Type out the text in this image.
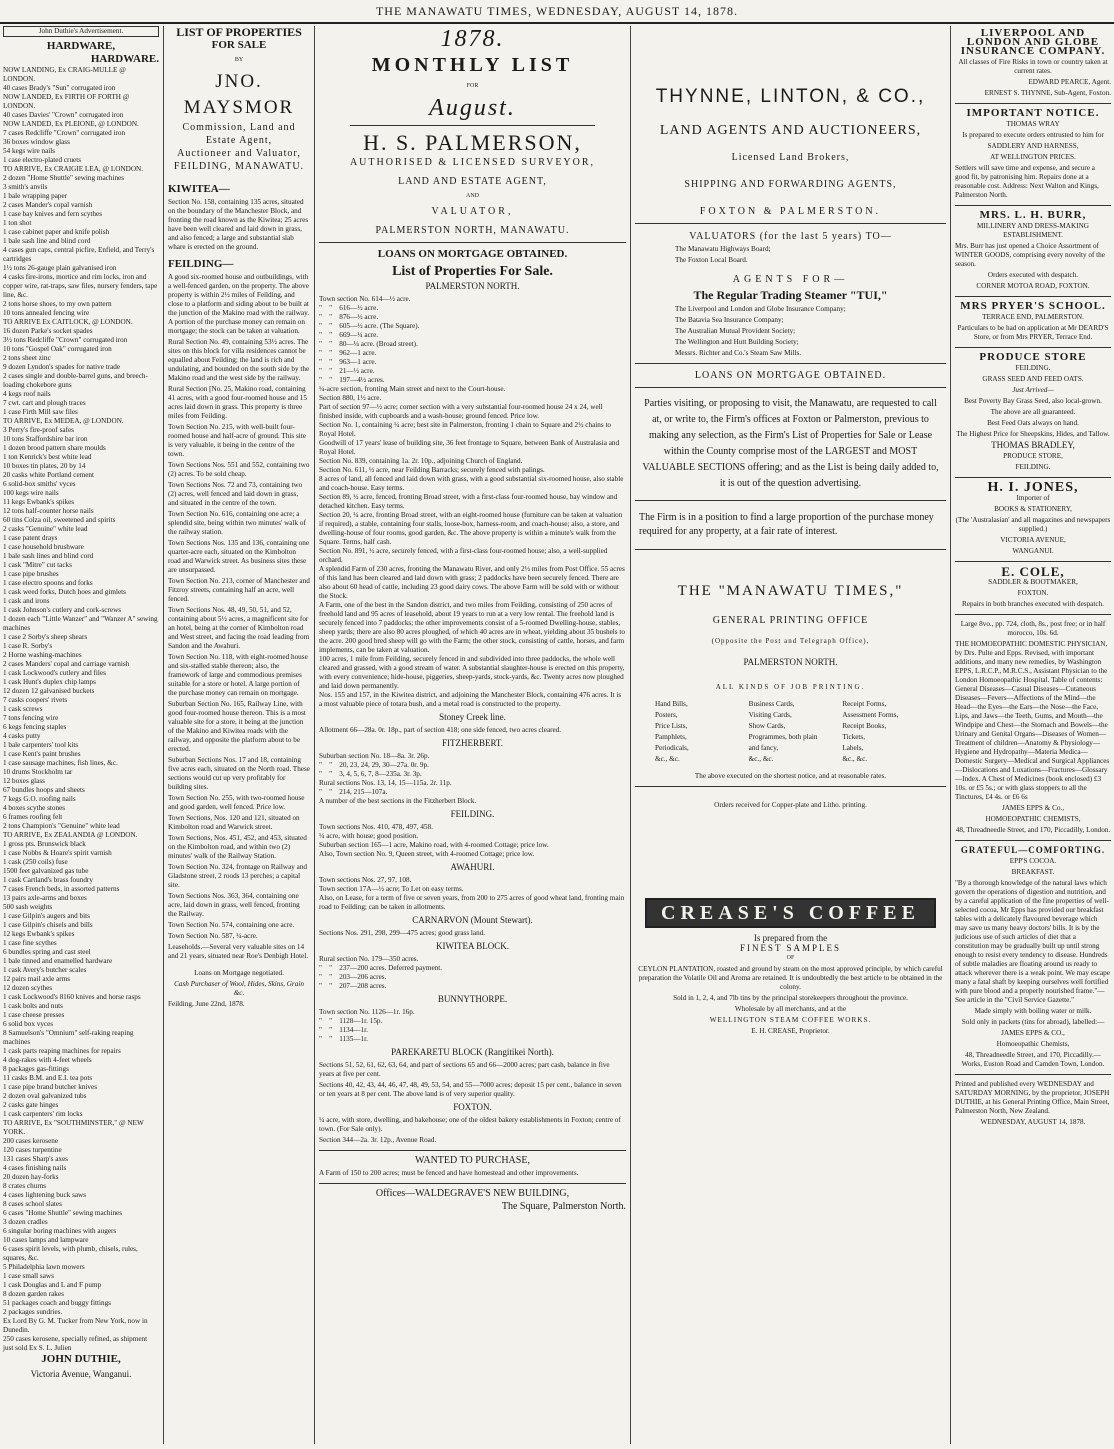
THE MANAWATU TIMES, WEDNESDAY, AUGUST 14, 1878.
John Duthie's Advertisement.
HARDWARE,
HARDWARE.
NOW LANDING, Ex CRAIG-MULLE @ LONDON.
40 cases Brady's "Sun" corrugated iron
NOW LANDED, Ex FIRTH OF FORTH @ LONDON.
40 cases Davies' "Crown" corrugated iron
NOW LANDED, Ex PLEIONE, @ LONDON.
7 cases Redcliffe "Crown" corrugated iron
36 boxes window glass
54 kegs wire nails
1 case electro-plated cruets
TO ARRIVE, Ex CRAIGIE LEA, @ LONDON.
2 dozen "Home Shuttle" sewing machines
3 smith's anvils
1 bale wrapping paper
2 cases Mander's copal varnish
1 case bay knives and fern scythes
1 ton shot
1 case cabinet paper and knife polish
1 bale sash line and blind cord
4 cases gun caps, central picfire, Enfield, and Terry's cartridges
1½ tons 26-gauge plain galvanised iron
4 casks fire-irons, mortice and rim locks, iron and copper wire, rat-traps, saw files, nursery fenders, tape line, &c.
2 tons horse shoes, to my own pattern
10 tons annealed fencing wire
TO ARRIVE Ex CAITLOCK, @ LONDON.
16 dozen Parke's socket spades
3½ tons Redcliffe "Crown" corrugated iron
10 tons "Gospel Oak" corrugated iron
2 tons sheet zinc
9 dozen Lyndon's spades for native trade
2 cases single and double-barrel guns, and breech-loading chokebore guns
4 kegs roof nails
7 cwt. cart and plough traces
1 case Firth Mill saw files
TO ARRIVE, Ex MEDEA, @ LONDON.
3 Perry's fire-proof safes
10 tons Staffordshire bar iron
1 dozen brood pattern share moulds
1 ton Kenrick's best white lead
10 boxes tin plates, 20 by 14
20 casks white Portland cement
6 solid-box smiths' vyces
100 kegs wire nails
11 kegs Ewbank's spikes
12 tons half-counter horse nails
60 tins Colza oil, sweetened and spirits
2 casks "Genuine" white lead
1 case patent drays
1 case household brushware
1 bale sash lines and blind cord
1 cask "Mitre" cut tacks
1 case pipe brushes
1 case electro spoons and forks
1 cask weed forks, Dutch hoes and gimlets
1 cask and irons
1 cask Johnson's cutlery and cork-screws
1 dozen each "Little Wanzer" and "Wanzer A" sewing machines
1 case 2 Sorby's sheep shears
1 case R. Sorby's
2 Horne washing-machines
2 cases Manders' copal and carriage varnish
1 cask Lockwood's cutlery and files
1 cask Hunt's duplex chip lamps
12 dozen 12 galvanised buckets
7 casks coopers' rivets
1 cask screws
7 tons fencing wire
6 kegs fencing staples
4 casks putty
1 bale carpenters' tool kits
1 case Kent's paint brushes
1 case sausage machines, fish lines, &c.
10 drums Stockholm tar
12 boxes glass
67 bundles hoops and sheets
7 kegs G.O. roofing nails
4 boxes scythe stones
6 frames roofing felt
2 tons Champion's "Genuine" white lead
TO ARRIVE, Ex ZEALANDIA @ LONDON.
1 gross pts. Brunswick black
1 case Nobbs & Hoare's spirit varnish
1 cask (250 coils) fuse
1500 feet galvanized gas tube
1 cask Cartland's brass foundry
7 cases French beds, in assorted patterns
13 pairs axle-arms and boxes
500 sash weights
1 case Gilpin's augers and bits
1 case Gilpin's chisels and bills
12 kegs Ewbank's spikes
1 case fine scythes
6 bundles spring and cast steel
1 bale tinned and enamelled hardware
1 cask Avery's butcher scales
12 pairs mail axle arms
12 dozen scythes
1 cask Lockwood's 8160 knives and horse rasps
1 cask bolts and nuts
1 case cheese presses
6 solid box vyces
8 Samuelson's "Omnium" self-raking reaping machines
1 cask parts reaping machines for repairs
4 dog-rakes with 4-feet wheels
8 packages gas-fittings
11 casks B.M. and E.I. tea pots
1 case pipe brand butcher knives
2 dozen oval galvanized tubs
2 casks gate hinges
1 cask carpenters' rim locks
TO ARRIVE, Ex "SOUTHMINSTER," @ NEW YORK.
200 cases kerosene
120 cases turpentine
131 cases Sharp's axes
4 cases finishing nails
20 dozen hay-forks
8 crates churns
4 cases lightening buck saws
8 cases school slates
6 cases "Home Shuttle" sewing machines
3 dozen cradles
6 singular boring machines with augers
10 cases lamps and lampware
6 cases spirit levels, with plumb, chisels, rules, squares, &c.
5 Philadelphia lawn mowers
1 case small saws
1 cask Douglas and L and F pump
8 dozen garden rakes
51 packages coach and buggy fittings
2 packages sundries.
Ex Lord By G. M. Tucker from New York, now in Dunedin.
250 cases kerosene, specially refined, as shipment just sold Ex S. L. Julien
JOHN DUTHIE,
Victoria Avenue, Wanganui.
LIST OF PROPERTIES
FOR SALE
BY
JNO. MAYSMOR
Commission, Land and
Estate Agent,
Auctioneer and Valuator,
FEILDING, MANAWATU.
KIWITEA—

Section No. 158, containing 135 acres, situated on the boundary of the Manchester Block, and fronting the road known as the Kiwitea; 25 acres have been well cleared and laid down in grass, and also fenced; a large and substantial slab whare is erected on the ground.

FEILDING—

A good six-roomed house and outbuildings, with a well-fenced garden, on the property. The above property is within 2½ miles of Feilding, and close to a platform and siding about to be built at the junction of the Makino road with the railway. A portion of the purchase money can remain on mortgage; the stock can be taken at valuation.

Rural Section No. 49, containing 53½ acres. The sites on this block for villa residences cannot be equalled about Feilding; the land is rich and undulating, and bounded on the south side by the Makino road and the west side by the railway.

Rural Section [No. 25, Makino road, containing 41 acres, with a good four-roomed house and 15 acres laid down in grass. This property is three miles from Feilding.

Town Section No. 215, with well-built four-roomed house and half-acre of ground. This site is very valuable, it being in the centre of the town.

Town Sections Nos. 551 and 552, containing two (2) acres. To be sold cheap.

Town Sections Nos. 72 and 73, containing two (2) acres, well fenced and laid down in grass, and situated in the centre of the town.

Town Section No. 616, containing one acre; a splendid site, being within two minutes' walk of the railway station.

Town Sections Nos. 135 and 136, containing one quarter-acre each, situated on the Kimbolton road and Warwick street. As business sites these are unsurpassed.

Town Section No. 213, corner of Manchester and Fitzroy streets, containing half an acre, well fenced.

Town Sections Nos. 48, 49, 50, 51, and 52, containing about 5½ acres, a magnificent site for an hotel, being at the corner of Kimbolton road and West street, and facing the road leading from Sandon and the Awahuri.

Town Section No. 118, with eight-roomed house and six-stalled stable thereon; also, the framework of large and commodious premises suitable for a store or hotel. A large portion of the purchase money can remain on mortgage.

Suburban Section No. 165, Railway Line, with good four-roomed house thereon. This is a most valuable site for a store, it being at the junction of the Makino and Kiwitea roads with the railway, and opposite the platform about to be erected.

Suburban Sections Nos. 17 and 18, containing five acres each, situated on the North road. These sections would cut up very profitably for building sites.

Town Section No. 255, with two-roomed house and good garden, well fenced. Price low.

Town Sections, Nos. 120 and 121, situated on Kimbolton road and Warwick street.

Town Sections, Nos. 451, 452, and 453, situated on the Kimbolton road, and within two (2) minutes' walk of the Railway Station.

Town Section No. 324, frontage on Railway and Gladstone street, 2 roods 13 perches; a capital site.

Town Sections Nos. 363, 364, containing one acre, laid down in grass, well fenced, fronting the Railway.

Town Section No. 574, containing one acre.

Town Section No. 587, ¼-acre.

Leaseholds.—Several very valuable sites on 14 and 21 years, situated near Roe's Denbigh Hotel.

Loans on Mortgage negotiated.

Cash Purchaser of Wool, Hides, Skins, Grain &c.

Feilding, June 22nd, 1878.

1878.
MONTHLY LIST
FOR
August.
H. S. PALMERSON,
AUTHORISED & LICENSED SURVEYOR,
LAND AND ESTATE AGENT,
AND
VALUATOR,
PALMERSTON NORTH, MANAWATU.
LOANS ON MORTGAGE OBTAINED.
List of Properties For Sale.
PALMERSTON NORTH.
Town section No. 614—½ acre.
"    "    616—½ acre.
"    "    876—½ acre.
"    "    605—½ acre. (The Square).
"    "    669—¼ acre.
"    "    80—¼ acre. (Broad street).
"    "    962—1 acre.
"    "    963—1 acre.
"    "    21—½ acre.
"    "    197—4½ acres.
¼-acre section, fronting Main street and next to the Court-house.
Section 880, 1½ acre.
Part of section 97—½ acre; corner section with a very substantial four-roomed house 24 x 24, well finished inside, with cupboards and a wash-house; ground fenced. Price low.
Section No. 1, containing ¼ acre; best site in Palmerston, fronting 1 chain to Square and 2½ chains to Royal Hotel.
Goodwill of 17 years' lease of building site, 36 feet frontage to Square, between Bank of Australasia and Royal Hotel.
Section No. 839, containing 1a. 2r. 10p., adjoining Church of England.
Section No. 611, ½ acre, near Feilding Barracks; securely fenced with palings.
8 acres of land, all fenced and laid down with grass, with a good substantial six-roomed house, also stable and coach-house. Easy terms.
Section 89, ½ acre, fenced, fronting Broad street, with a first-class four-roomed house, bay window and detached kitchen. Easy terms.
Section 20, ¼ acre, fronting Broad street, with an eight-roomed house (furniture can be taken at valuation if required), a stable, containing four stalls, loose-box, harness-room, and coach-house; also, a store, and dwelling-house of four rooms, good garden, &c. The above property is within a minute's walk from the Square. Terms, half cash.
Section No. 891, ½ acre, securely fenced, with a first-class four-roomed house; also, a well-supplied orchard.
A splendid Farm of 230 acres, fronting the Manawatu River, and only 2½ miles from Post Office. 55 acres of this land has been cleared and laid down with grass; 2 paddocks have been securely fenced. There are also about 60 head of cattle, including 23 good dairy cows. The above Farm will be sold with or without the Stock.
A Farm, one of the best in the Sandon district, and two miles from Feilding, consisting of 250 acres of freehold land and 95 acres of leasehold, about 19 years to run at a very low rental. The freehold land is securely fenced into 7 paddocks; the other improvements consist of a 5-roomed Dwelling-house, stables, sheep yards; there are also 80 acres ploughed, of which 40 acres are in wheat, yielding about 35 bushels to the acre. 200 good bred sheep will go with the Farm; the other stock, consisting of cattle, horses, and farm implements, can be taken at valuation.
100 acres, 1 mile from Feilding, securely fenced in and subdivided into three paddocks, the whole well cleared and grassed, with a good stream of water. A substantial slaughter-house is erected on this property, with every convenience; hide-house, piggeries, sheep-yards, stock-yards, &c. Twenty acres now ploughed and laid down permanently.
Nos. 155 and 157, in the Kiwitea district, and adjoining the Manchester Block, containing 476 acres. It is a most valuable piece of totara bush, and a metal road is constructed to the property.
Stoney Creek line.

Allotment 66—28a. 0r. 18p., part of section 418; one side fenced, two acres cleared.

FITZHERBERT.
Suburban section No. 18—8a. 3r. 26p.
"    "    20, 23, 24, 29, 30—27a. 0r. 9p.
"    "    3, 4, 5, 6, 7, 8—235a. 3r. 3p.
Rural sections Nos. 13, 14, 15—115a. 2r. 11p.
"    "    214, 215—107a.
A number of the best sections in the Fitzherbert Block.
FEILDING.
Town sections Nos. 410, 478, 497, 458.
¼ acre, with house; good position.
Suburban section 165—1 acre, Makino road, with 4-roomed Cottage; price low.
Also, Town section No. 9, Queen street, with 4-roomed Cottage; price low.
AWAHURI.
Town sections Nos. 27, 97, 108.
Town section 17A—½ acre; To Let on easy terms.
Also, on Lease, for a term of five or seven years, from 200 to 275 acres of good wheat land, fronting main road to Feilding; can be taken in allotments.
CARNARVON (Mount Stewart).

Sections Nos. 291, 298, 299—475 acres; good grass land.

KIWITEA BLOCK.
Rural section No. 179—350 acres.
"    "    237—200 acres. Deferred payment.
"    "    203—206 acres.
"    "    207—208 acres.
BUNNYTHORPE.
Town section No. 1126—1r. 16p.
"    "    1128—1r. 15p.
"    "    1134—1r.
"    "    1135—1r.
PAREKARETU BLOCK (Rangitikei North).

Sections 51, 52, 61, 62, 63, 64, and part of sections 65 and 66—2000 acres; part cash, balance in five years at five per cent.

Sections 40, 42, 43, 44, 46, 47, 48, 49, 53, 54, and 55—7000 acres; deposit 15 per cent., balance in seven or ten years at 8 per cent. The above land is of very superior quality.

FOXTON.

¼ acre, with store, dwelling, and bakehouse; one of the oldest bakery establishments in Foxton; centre of town. (For Sale only).

Section 344—2a. 3r. 12p., Avenue Road.

WANTED TO PURCHASE,

A Farm of 150 to 200 acres; must be fenced and have homestead and other improvements.

Offices—WALDEGRAVE'S NEW BUILDING,
The Square, Palmerston North.
THYNNE, LINTON, & CO.,
LAND AGENTS AND AUCTIONEERS,
Licensed Land Brokers,
SHIPPING AND FORWARDING AGENTS,
FOXTON & PALMERSTON.
VALUATORS (for the last 5 years) TO—

The Manawatu Highways Board;

The Foxton Local Board.

AGENTS FOR—
The Regular Trading Steamer "TUI,"

The Liverpool and London and Globe Insurance Company;

The Batavia Sea Insurance Company;

The Australian Mutual Provident Society;

The Wellington and Hutt Building Society;

Messrs. Richter and Co.'s Steam Saw Mills.

LOANS ON MORTGAGE OBTAINED.

Parties visiting, or proposing to visit, the Manawatu, are requested to call at, or write to, the Firm's offices at Foxton or Palmerston, previous to making any selection, as the Firm's List of Properties for Sale or Lease within the County comprise most of the LARGEST and MOST VALUABLE SECTIONS offering; and as the List is being daily added to, it is out of the question advertising.

The Firm is in a position to find a large proportion of the purchase money required for any property, at a fair rate of interest.

THE "MANAWATU TIMES,"
GENERAL PRINTING OFFICE
(Opposite the Post and Telegraph Office),
PALMERSTON NORTH.
ALL KINDS OF JOB PRINTING.
Hand Bills,	Business Cards,	Receipt Forms,
Posters,	Visiting Cards,	Assessment Forms,
Price Lists,	Show Cards,	Receipt Books,
Pamphlets,	Programmes, both plain	Tickets,
Periodicals,	and fancy,	Labels,
&c., &c.	&c., &c.	&c., &c.

The above executed on the shortest notice, and at reasonable rates.

Orders received for Copper-plate and Litho. printing.

CREASE'S COFFEE
Is prepared from the
FINEST SAMPLES
OF

CEYLON PLANTATION, roasted and ground by steam on the most approved principle, by which careful preparation the Volatile Oil and Aroma are retained. It is undoubtedly the best article to be obtained in the colony.

Sold in 1, 2, 4, and 7lb tins by the principal storekeepers throughout the province.

Wholesale by all merchants, and at the

WELLINGTON STEAM COFFEE WORKS.

E. H. CREASE, Proprietor.

LIVERPOOL AND LONDON AND GLOBE INSURANCE COMPANY.

All classes of Fire Risks in town or country taken at current rates.

EDWARD PEARCE, Agent.

ERNEST S. THYNNE, Sub-Agent, Foxton.

IMPORTANT NOTICE.

THOMAS WRAY

Is prepared to execute orders entrusted to him for

SADDLERY AND HARNESS,

AT WELLINGTON PRICES.

Settlers will save time and expense, and secure a good fit, by patronising him. Repairs done at a reasonable cost. Address: Next Walton and Kings, Palmerston North.

MRS. L. H. BURR,

MILLINERY AND DRESS-MAKING ESTABLISHMENT.

Mrs. Burr has just opened a Choice Assortment of WINTER GOODS, comprising every novelty of the season.

Orders executed with despatch.

CORNER MOTOA ROAD, FOXTON.

MRS PRYER'S SCHOOL.

TERRACE END, PALMERSTON.

Particulars to be had on application at Mr DEARD'S Store, or from Mrs PRYER, Terrace End.

PRODUCE STORE

FEILDING.

GRASS SEED AND FEED OATS.

Just Arrived—

Best Poverty Bay Grass Seed, also local-grown.

The above are all guaranteed.

Best Feed Oats always on hand.

The Highest Price for Sheepskins, Hides, and Tallow.

THOMAS BRADLEY,

PRODUCE STORE,

FEILDING.

H. I. JONES,

Importer of

BOOKS & STATIONERY,

(The 'Australasian' and all magazines and newspapers supplied.)

VICTORIA AVENUE,

WANGANUI.

E. COLE,

SADDLER & BOOTMAKER,

FOXTON.

Repairs in both branches executed with despatch.

Large 8vo., pp. 724, cloth, 8s., post free; or in half morocco, 10s. 6d.

THE HOMOEOPATHIC DOMESTIC PHYSICIAN, by Drs. Pulte and Epps. Revised, with important additions, and many new remedies, by Washington EPPS, L.R.C.P., M.R.C.S., Assistant Physician to the London Homoeopathic Hospital. Table of contents: General Diseases—Casual Diseases—Cutaneous Diseases—Fevers—Affections of the Mind—the Head—the Eyes—the Ears—the Nose—the Face, Lips, and Jaws—the Teeth, Gums, and Mouth—the Windpipe and Chest—the Stomach and Bowels—the Urinary and Genital Organs—Diseases of Women—Treatment of children—Anatomy & Physiology—Hygiene and Hydropathy—Materia Medica—Domestic Surgery—Medical and Surgical Appliances—Dislocations and Luxations—Fractures—Glossary—Index. A Chest of Medicines (book enclosed) £3 10s. or £5 5s.; or with glass stoppers to all the Tinctures, £4 4s. or £6 6s

JAMES EPPS & Co.,

HOMOEOPATHIC CHEMISTS,

48, Threadneedle Street, and 170, Piccadilly, London.

GRATEFUL—COMFORTING.

EPP'S COCOA.

BREAKFAST.

"By a thorough knowledge of the natural laws which govern the operations of digestion and nutrition, and by a careful application of the fine properties of well-selected cocoa, Mr Epps has provided our breakfast tables with a delicately flavoured beverage which may save us many heavy doctors' bills. It is by the judicious use of such articles of diet that a constitution may be gradually built up until strong enough to resist every tendency to disease. Hundreds of subtle maladies are floating around us ready to attack wherever there is a weak point. We may escape many a fatal shaft by keeping ourselves well fortified with pure blood and a properly nourished frame."—See article in the "Civil Service Gazette."

Made simply with boiling water or milk.

Sold only in packets (tins for abroad), labelled:—

JAMES EPPS & CO.,

Homoeopathic Chemists,

48, Threadneedle Street, and 170, Piccadilly.—Works, Euston Road and Camden Town, London.

Printed and published every WEDNESDAY and SATURDAY MORNING, by the proprietor, JOSEPH DUTHIE, at his General Printing Office, Main Street, Palmerston North, New Zealand.

WEDNESDAY, AUGUST 14, 1878.
